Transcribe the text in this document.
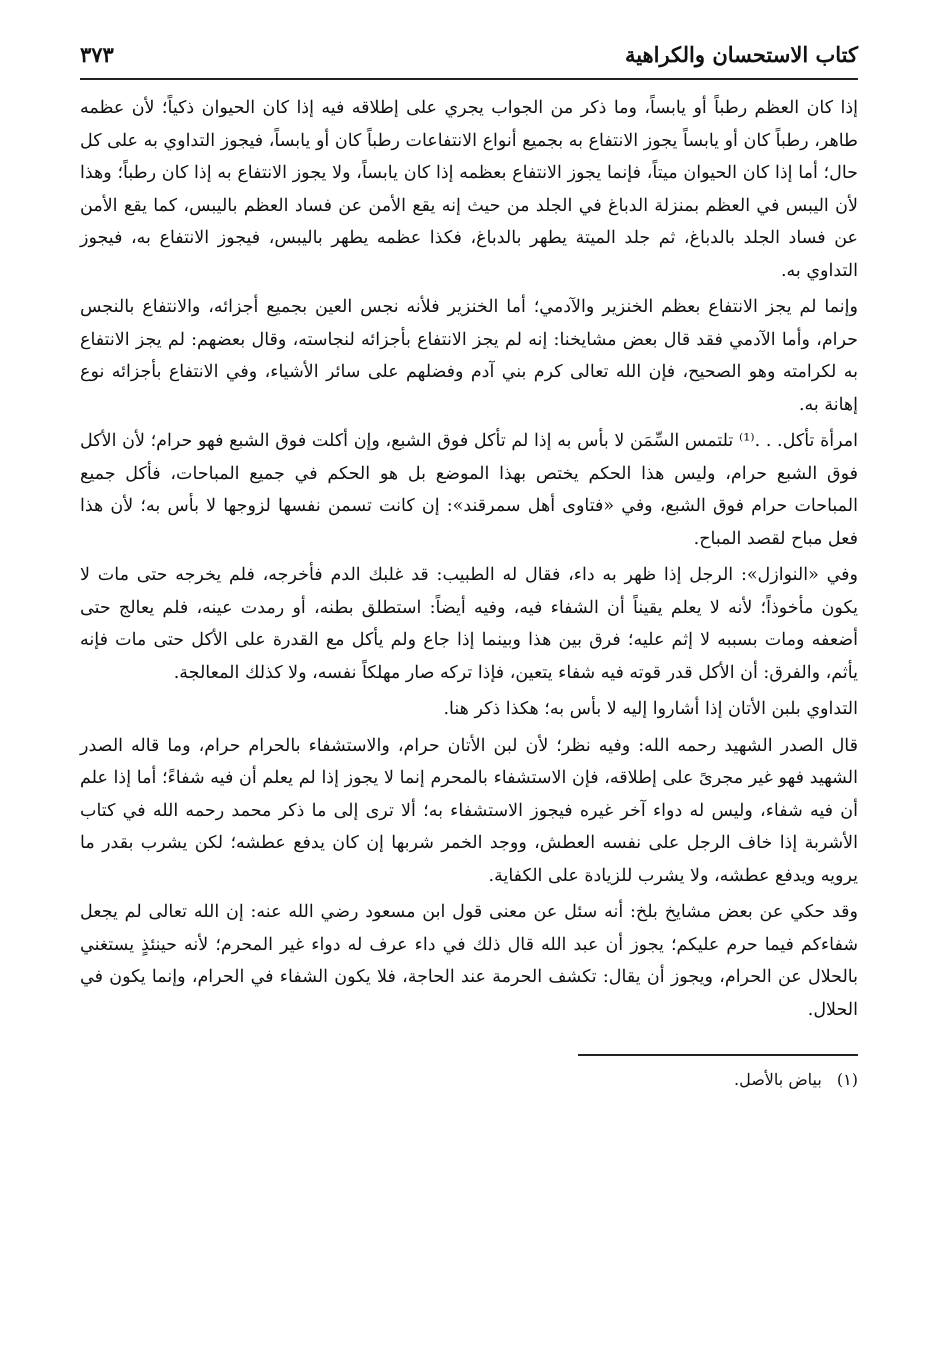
كتاب الاستحسان والكراهية
٣٧٣

إذا كان العظم رطباً أو يابساً، وما ذكر من الجواب يجري على إطلاقه فيه إذا كان الحيوان ذكياً؛ لأن عظمه طاهر، رطباً كان أو يابساً يجوز الانتفاع به بجميع أنواع الانتفاعات رطباً كان أو يابساً، فيجوز التداوي به على كل حال؛ أما إذا كان الحيوان ميتاً، فإنما يجوز الانتفاع بعظمه إذا كان يابساً، ولا يجوز الانتفاع به إذا كان رطباً؛ وهذا لأن اليبس في العظم بمنزلة الدباغ في الجلد من حيث إنه يقع الأمن عن فساد العظم باليبس، كما يقع الأمن عن فساد الجلد بالدباغ، ثم جلد الميتة يطهر بالدباغ، فكذا عظمه يطهر باليبس، فيجوز الانتفاع به، فيجوز التداوي به.

وإنما لم يجز الانتفاع بعظم الخنزير والآدمي؛ أما الخنزير فلأنه نجس العين بجميع أجزائه، والانتفاع بالنجس حرام، وأما الآدمي فقد قال بعض مشايخنا: إنه لم يجز الانتفاع بأجزائه لنجاسته، وقال بعضهم: لم يجز الانتفاع به لكرامته وهو الصحيح، فإن الله تعالى كرم بني آدم وفضلهم على سائر الأشياء، وفي الانتفاع بأجزائه نوع إهانة به.

امرأة تأكل. . .⁽¹⁾ تلتمس السِّمَن لا بأس به إذا لم تأكل فوق الشبع، وإن أكلت فوق الشبع فهو حرام؛ لأن الأكل فوق الشبع حرام، وليس هذا الحكم يختص بهذا الموضع بل هو الحكم في جميع المباحات، فأكل جميع المباحات حرام فوق الشبع، وفي «فتاوى أهل سمرقند»: إن كانت تسمن نفسها لزوجها لا بأس به؛ لأن هذا فعل مباح لقصد المباح.

وفي «النوازل»: الرجل إذا ظهر به داء، فقال له الطبيب: قد غلبك الدم فأخرجه، فلم يخرجه حتى مات لا يكون مأخوذاً؛ لأنه لا يعلم يقيناً أن الشفاء فيه، وفيه أيضاً: استطلق بطنه، أو رمدت عينه، فلم يعالج حتى أضعفه ومات بسببه لا إثم عليه؛ فرق بين هذا وبينما إذا جاع ولم يأكل مع القدرة على الأكل حتى مات فإنه يأثم، والفرق: أن الأكل قدر قوته فيه شفاء يتعين، فإذا تركه صار مهلكاً نفسه، ولا كذلك المعالجة.

التداوي بلبن الأتان إذا أشاروا إليه لا بأس به؛ هكذا ذكر هنا.

قال الصدر الشهيد رحمه الله: وفيه نظر؛ لأن لبن الأتان حرام، والاستشفاء بالحرام حرام، وما قاله الصدر الشهيد فهو غير مجرىً على إطلاقه، فإن الاستشفاء بالمحرم إنما لا يجوز إذا لم يعلم أن فيه شفاءً؛ أما إذا علم أن فيه شفاء، وليس له دواء آخر غيره فيجوز الاستشفاء به؛ ألا ترى إلى ما ذكر محمد رحمه الله في كتاب الأشربة إذا خاف الرجل على نفسه العطش، ووجد الخمر شربها إن كان يدفع عطشه؛ لكن يشرب بقدر ما يرويه ويدفع عطشه، ولا يشرب للزيادة على الكفاية.

وقد حكي عن بعض مشايخ بلخ: أنه سئل عن معنى قول ابن مسعود رضي الله عنه: إن الله تعالى لم يجعل شفاءكم فيما حرم عليكم؛ يجوز أن عبد الله قال ذلك في داء عرف له دواء غير المحرم؛ لأنه حينئذٍ يستغني بالحلال عن الحرام، ويجوز أن يقال: تكشف الحرمة عند الحاجة، فلا يكون الشفاء في الحرام، وإنما يكون في الحلال.

(١) بياض بالأصل.
